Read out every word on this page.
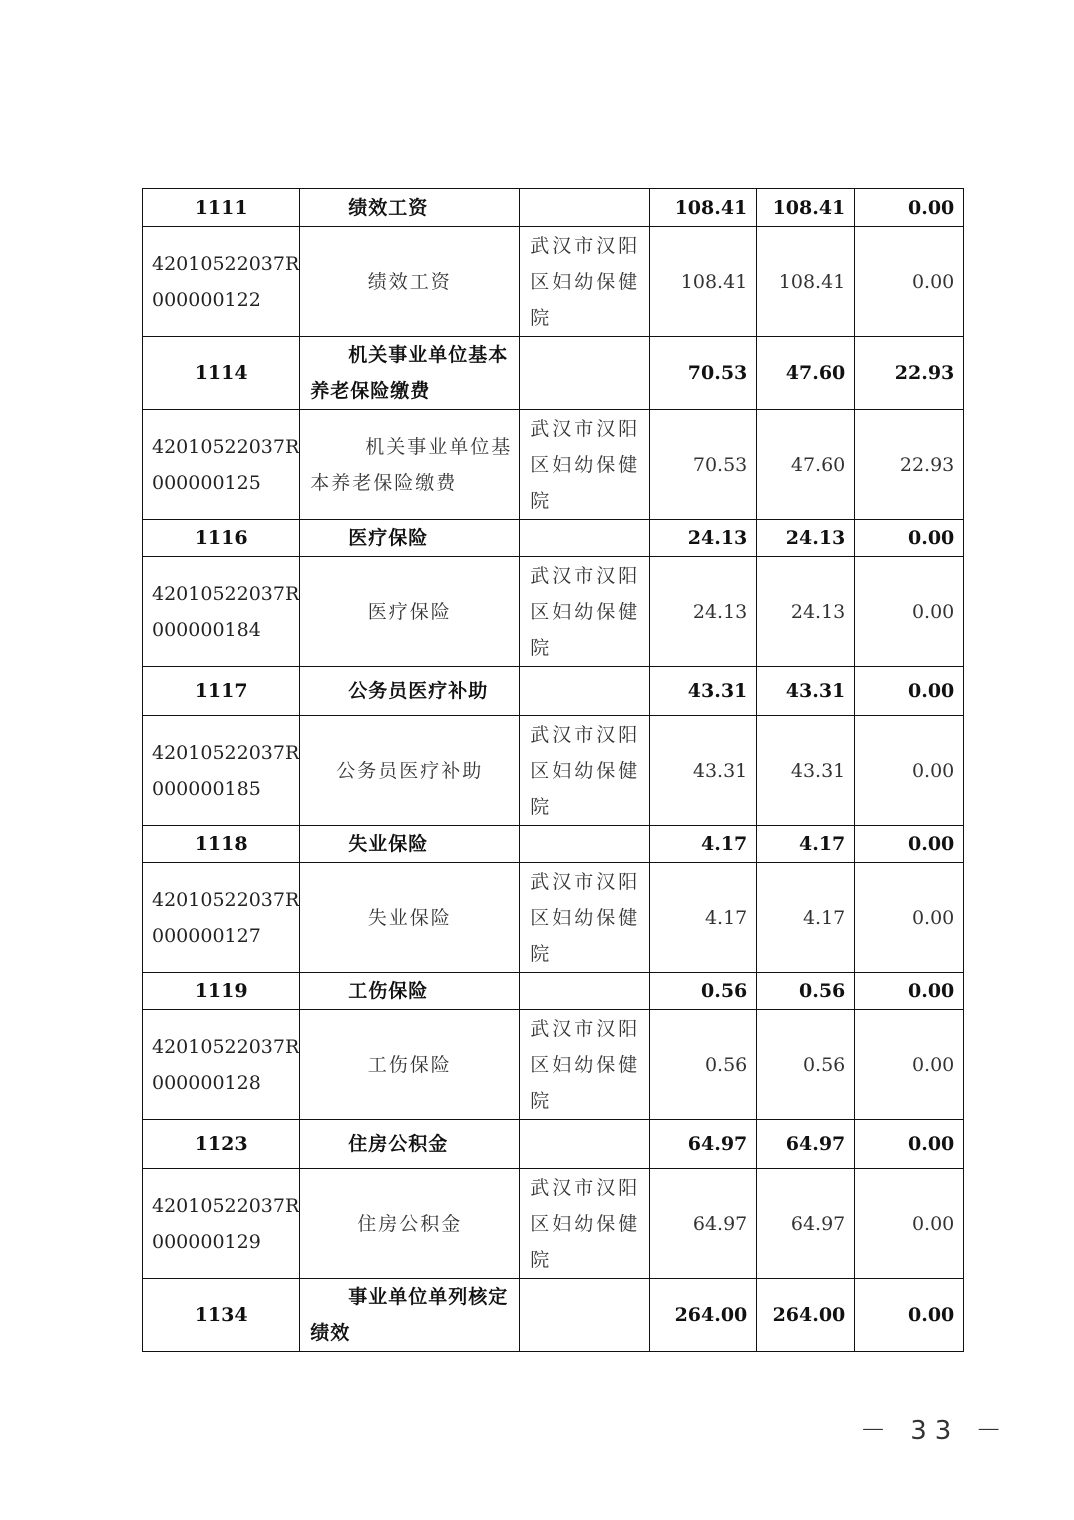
1111	绩效工资		108.41	108.41	0.00

42010522037R
000000122	绩效工资	武汉市汉阳区妇幼保健院	108.41	108.41	0.00
1114	机关事业单位基本养老保险缴费		70.53	47.60	22.93

42010522037R
000000125	机关事业单位基本养老保险缴费	武汉市汉阳区妇幼保健院	70.53	47.60	22.93
1116	医疗保险		24.13	24.13	0.00

42010522037R
000000184	医疗保险	武汉市汉阳区妇幼保健院	24.13	24.13	0.00
1117	公务员医疗补助		43.31	43.31	0.00

42010522037R
000000185	公务员医疗补助	武汉市汉阳区妇幼保健院	43.31	43.31	0.00
1118	失业保险		4.17	4.17	0.00

42010522037R
000000127	失业保险	武汉市汉阳区妇幼保健院	4.17	4.17	0.00
1119	工伤保险		0.56	0.56	0.00

42010522037R
000000128	工伤保险	武汉市汉阳区妇幼保健院	0.56	0.56	0.00
1123	住房公积金		64.97	64.97	0.00

42010522037R
000000129	住房公积金	武汉市汉阳区妇幼保健院	64.97	64.97	0.00
1134	事业单位单列核定绩效		264.00	264.00	0.00
－ 33 －
